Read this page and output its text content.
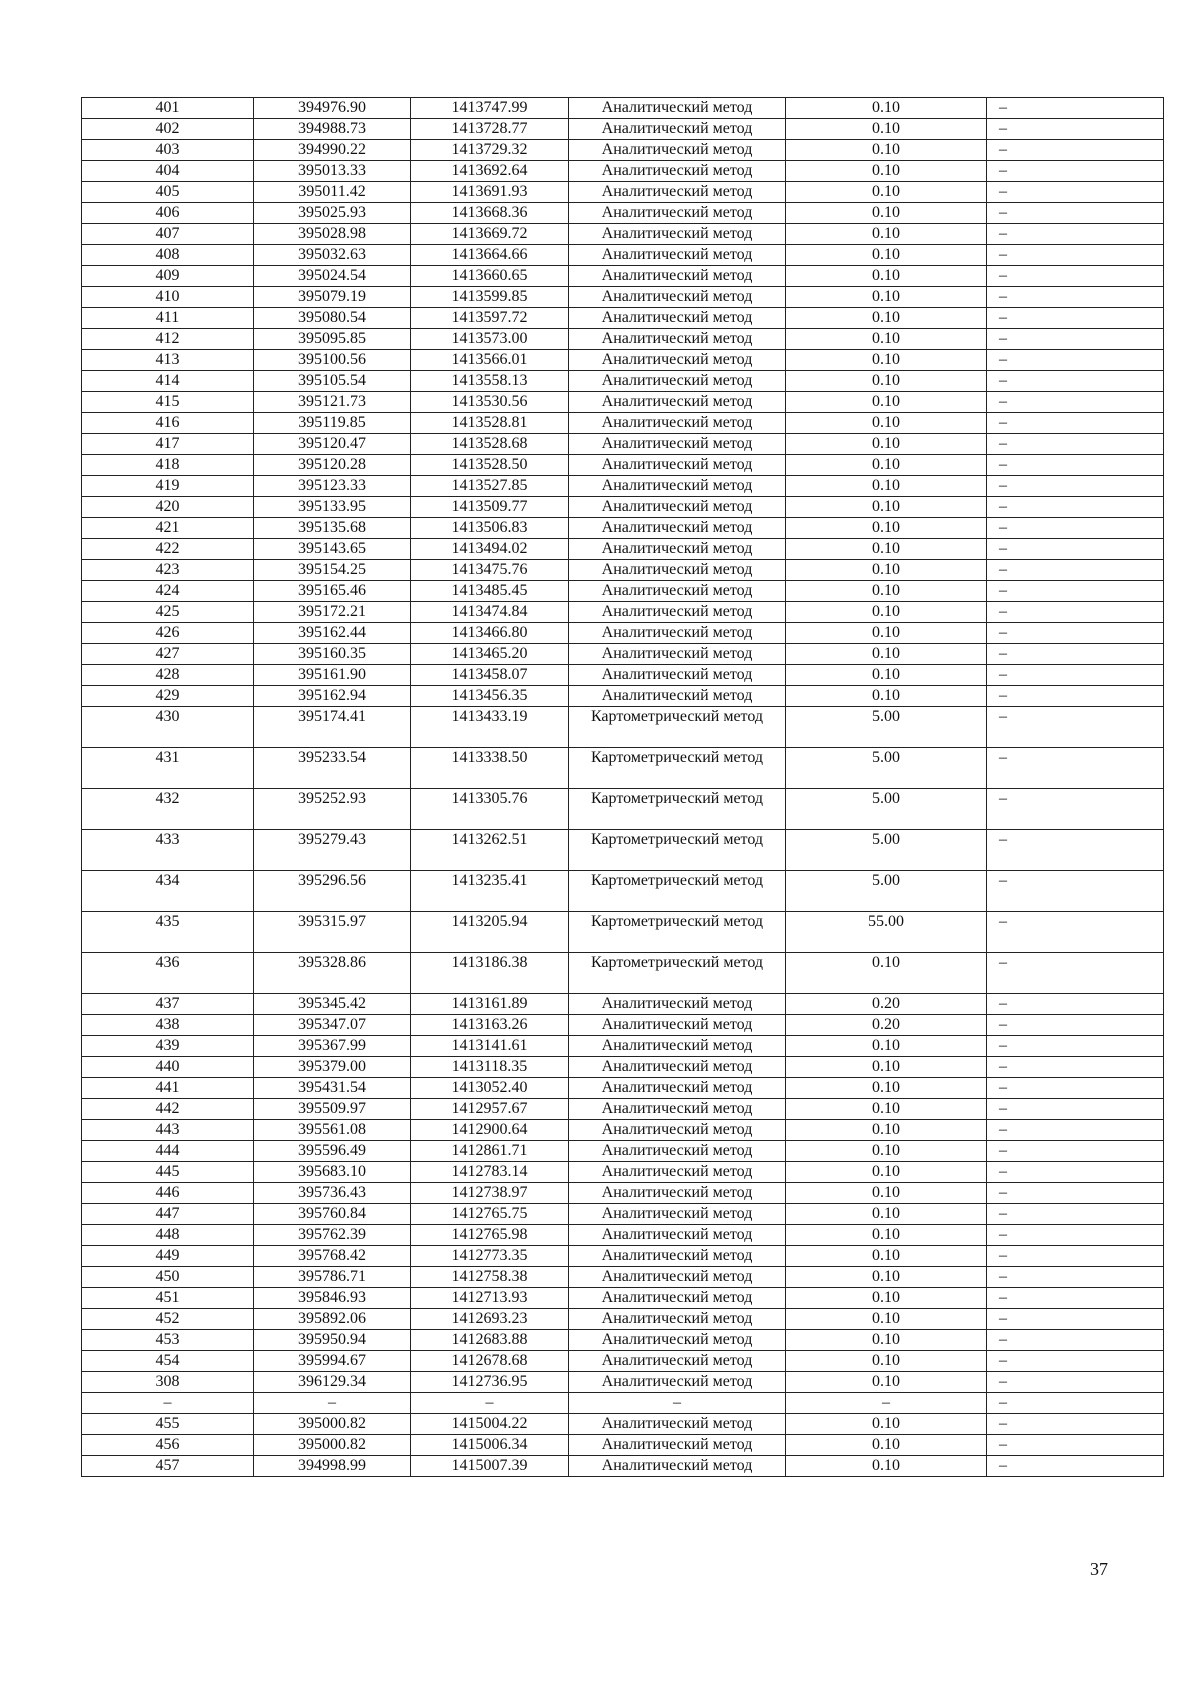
401	394976.90	1413747.99	Аналитический метод	0.10	–
402	394988.73	1413728.77	Аналитический метод	0.10	–
403	394990.22	1413729.32	Аналитический метод	0.10	–
404	395013.33	1413692.64	Аналитический метод	0.10	–
405	395011.42	1413691.93	Аналитический метод	0.10	–
406	395025.93	1413668.36	Аналитический метод	0.10	–
407	395028.98	1413669.72	Аналитический метод	0.10	–
408	395032.63	1413664.66	Аналитический метод	0.10	–
409	395024.54	1413660.65	Аналитический метод	0.10	–
410	395079.19	1413599.85	Аналитический метод	0.10	–
411	395080.54	1413597.72	Аналитический метод	0.10	–
412	395095.85	1413573.00	Аналитический метод	0.10	–
413	395100.56	1413566.01	Аналитический метод	0.10	–
414	395105.54	1413558.13	Аналитический метод	0.10	–
415	395121.73	1413530.56	Аналитический метод	0.10	–
416	395119.85	1413528.81	Аналитический метод	0.10	–
417	395120.47	1413528.68	Аналитический метод	0.10	–
418	395120.28	1413528.50	Аналитический метод	0.10	–
419	395123.33	1413527.85	Аналитический метод	0.10	–
420	395133.95	1413509.77	Аналитический метод	0.10	–
421	395135.68	1413506.83	Аналитический метод	0.10	–
422	395143.65	1413494.02	Аналитический метод	0.10	–
423	395154.25	1413475.76	Аналитический метод	0.10	–
424	395165.46	1413485.45	Аналитический метод	0.10	–
425	395172.21	1413474.84	Аналитический метод	0.10	–
426	395162.44	1413466.80	Аналитический метод	0.10	–
427	395160.35	1413465.20	Аналитический метод	0.10	–
428	395161.90	1413458.07	Аналитический метод	0.10	–
429	395162.94	1413456.35	Аналитический метод	0.10	–
430	395174.41	1413433.19	Картометрический метод	5.00	–
431	395233.54	1413338.50	Картометрический метод	5.00	–
432	395252.93	1413305.76	Картометрический метод	5.00	–
433	395279.43	1413262.51	Картометрический метод	5.00	–
434	395296.56	1413235.41	Картометрический метод	5.00	–
435	395315.97	1413205.94	Картометрический метод	55.00	–
436	395328.86	1413186.38	Картометрический метод	0.10	–
437	395345.42	1413161.89	Аналитический метод	0.20	–
438	395347.07	1413163.26	Аналитический метод	0.20	–
439	395367.99	1413141.61	Аналитический метод	0.10	–
440	395379.00	1413118.35	Аналитический метод	0.10	–
441	395431.54	1413052.40	Аналитический метод	0.10	–
442	395509.97	1412957.67	Аналитический метод	0.10	–
443	395561.08	1412900.64	Аналитический метод	0.10	–
444	395596.49	1412861.71	Аналитический метод	0.10	–
445	395683.10	1412783.14	Аналитический метод	0.10	–
446	395736.43	1412738.97	Аналитический метод	0.10	–
447	395760.84	1412765.75	Аналитический метод	0.10	–
448	395762.39	1412765.98	Аналитический метод	0.10	–
449	395768.42	1412773.35	Аналитический метод	0.10	–
450	395786.71	1412758.38	Аналитический метод	0.10	–
451	395846.93	1412713.93	Аналитический метод	0.10	–
452	395892.06	1412693.23	Аналитический метод	0.10	–
453	395950.94	1412683.88	Аналитический метод	0.10	–
454	395994.67	1412678.68	Аналитический метод	0.10	–
308	396129.34	1412736.95	Аналитический метод	0.10	–
–	–	–	–	–	–
455	395000.82	1415004.22	Аналитический метод	0.10	–
456	395000.82	1415006.34	Аналитический метод	0.10	–
457	394998.99	1415007.39	Аналитический метод	0.10	–
37
